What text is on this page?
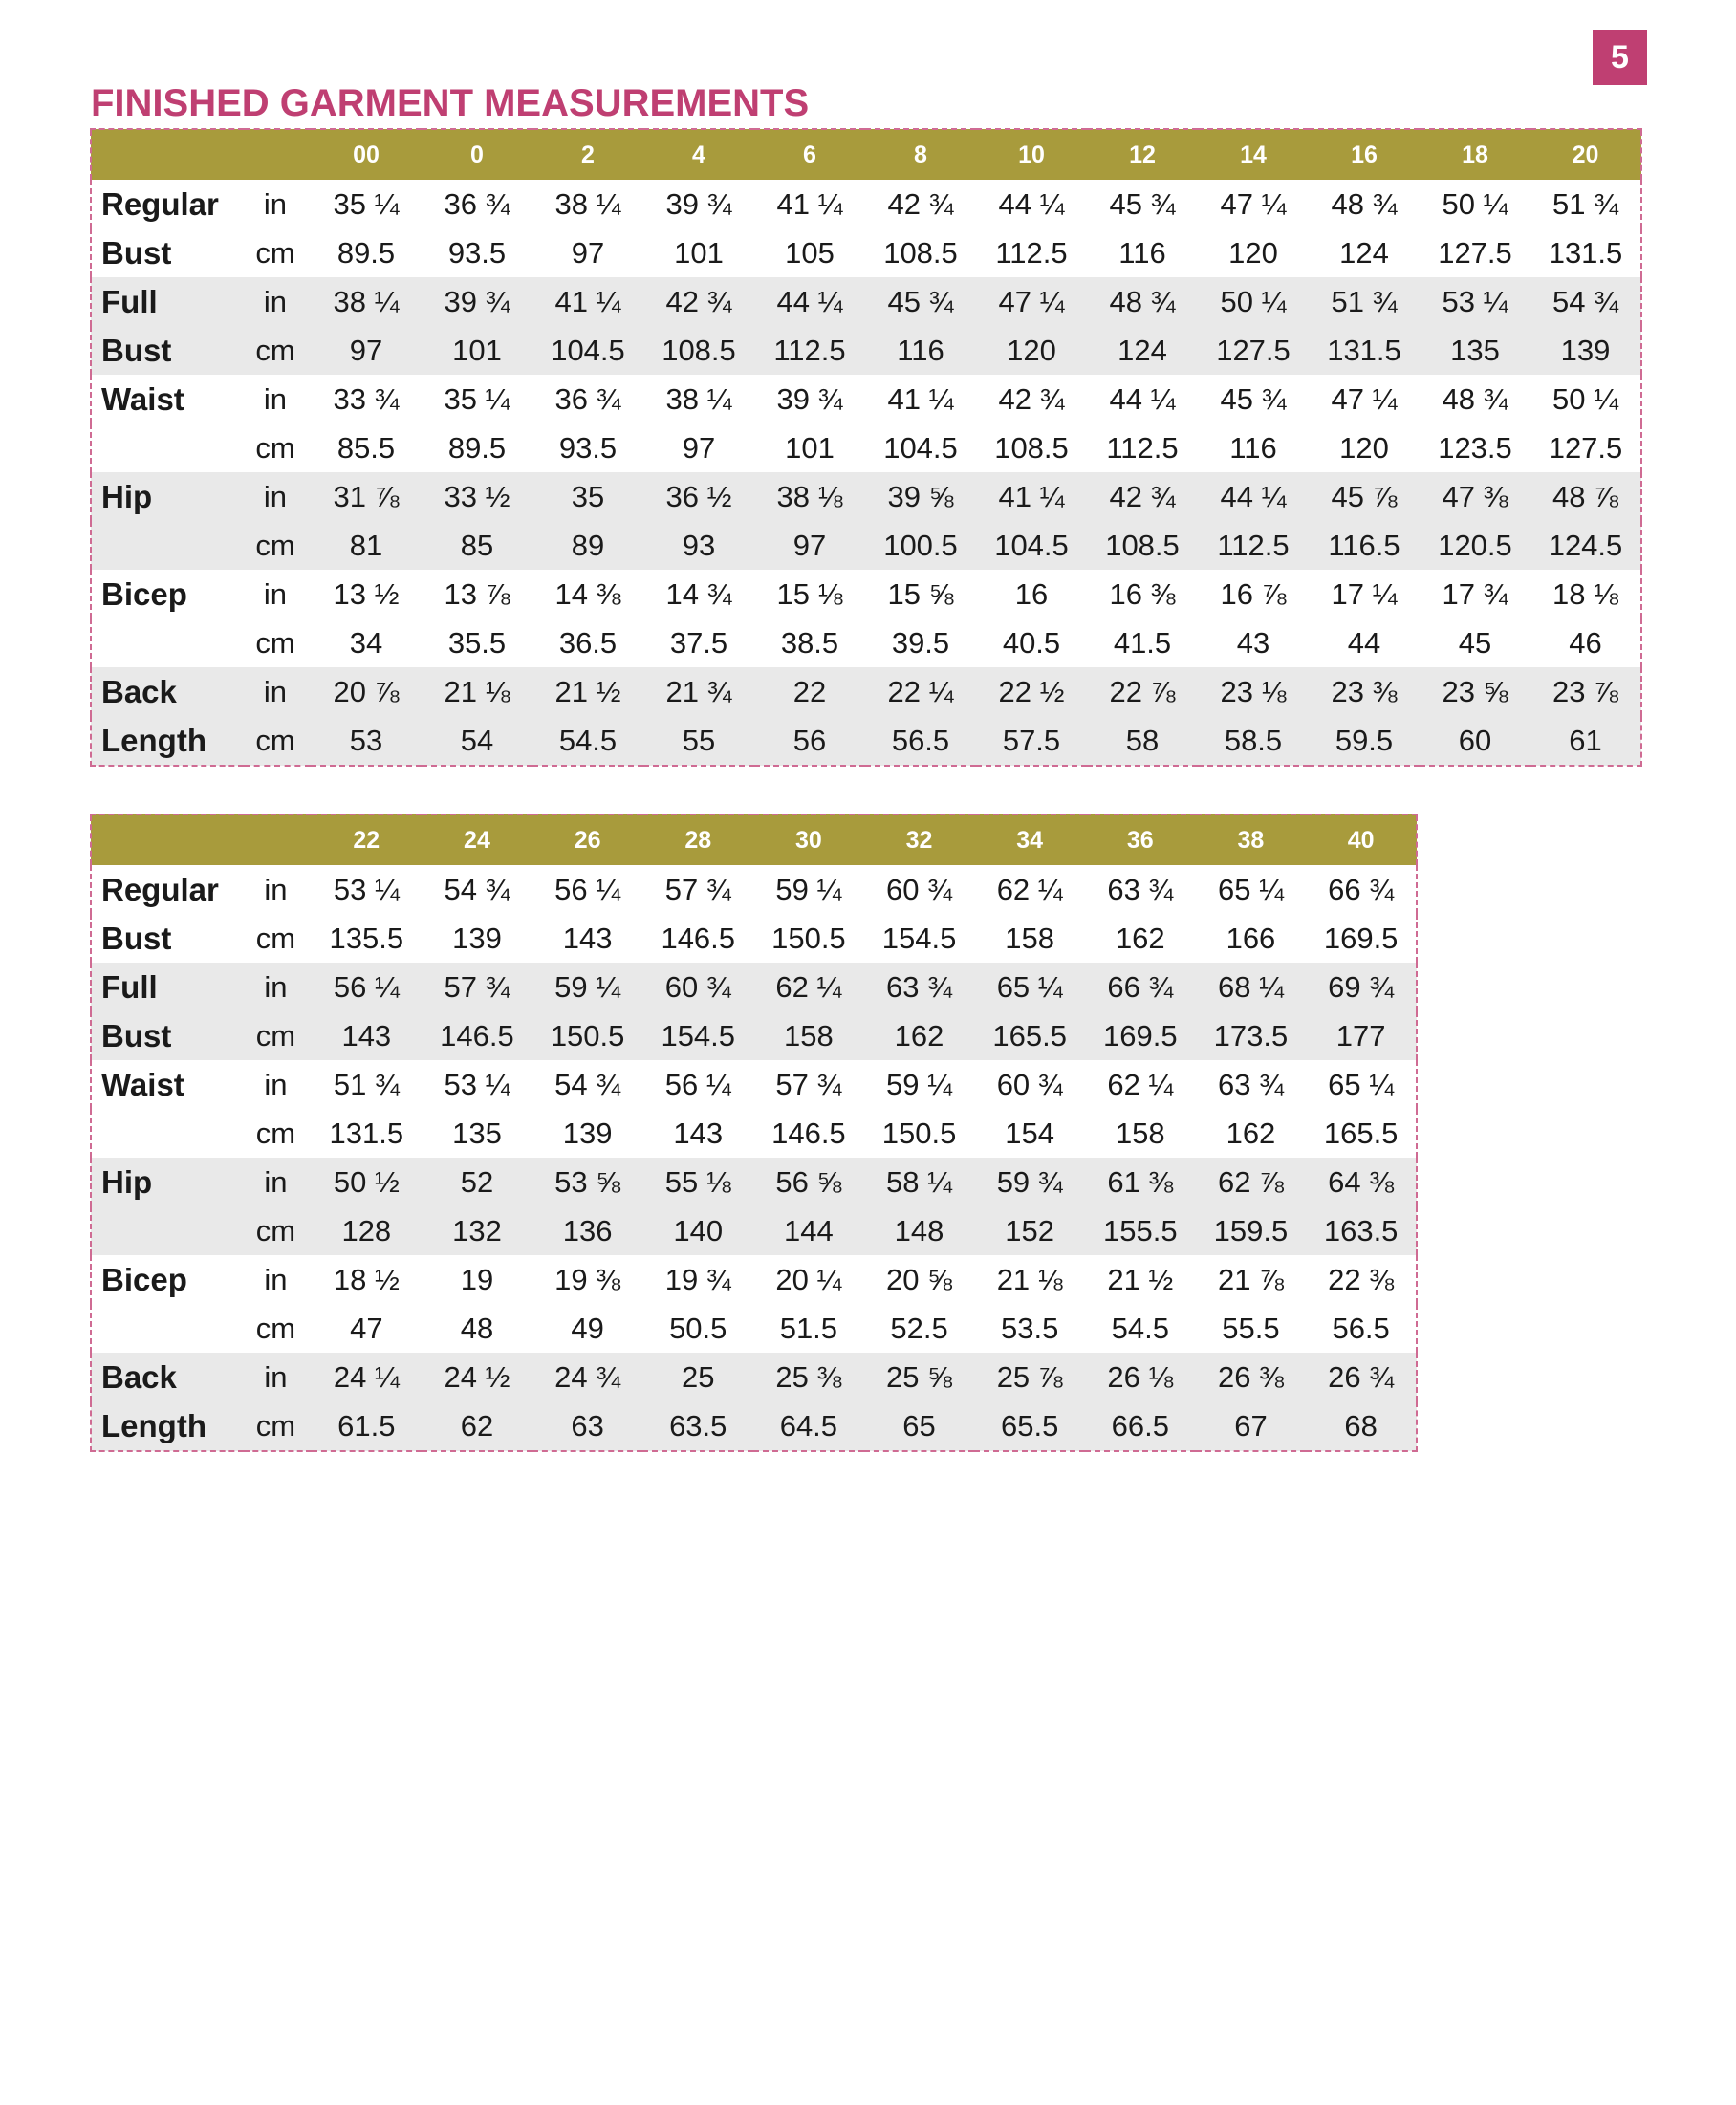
5
FINISHED GARMENT MEASUREMENTS
		00	0	2	4	6	8	10	12	14	16	18	20
Regular	in	35 ¼	36 ¾	38 ¼	39 ¾	41 ¼	42 ¾	44 ¼	45 ¾	47 ¼	48 ¾	50 ¼	51 ¾
Bust	cm	89.5	93.5	97	101	105	108.5	112.5	116	120	124	127.5	131.5
Full	in	38 ¼	39 ¾	41 ¼	42 ¾	44 ¼	45 ¾	47 ¼	48 ¾	50 ¼	51 ¾	53 ¼	54 ¾
Bust	cm	97	101	104.5	108.5	112.5	116	120	124	127.5	131.5	135	139
Waist	in	33 ¾	35 ¼	36 ¾	38 ¼	39 ¾	41 ¼	42 ¾	44 ¼	45 ¾	47 ¼	48 ¾	50 ¼
	cm	85.5	89.5	93.5	97	101	104.5	108.5	112.5	116	120	123.5	127.5
Hip	in	31 ⅞	33 ½	35	36 ½	38 ⅛	39 ⅝	41 ¼	42 ¾	44 ¼	45 ⅞	47 ⅜	48 ⅞
	cm	81	85	89	93	97	100.5	104.5	108.5	112.5	116.5	120.5	124.5
Bicep	in	13 ½	13 ⅞	14 ⅜	14 ¾	15 ⅛	15 ⅝	16	16 ⅜	16 ⅞	17 ¼	17 ¾	18 ⅛
	cm	34	35.5	36.5	37.5	38.5	39.5	40.5	41.5	43	44	45	46
Back	in	20 ⅞	21 ⅛	21 ½	21 ¾	22	22 ¼	22 ½	22 ⅞	23 ⅛	23 ⅜	23 ⅝	23 ⅞
Length	cm	53	54	54.5	55	56	56.5	57.5	58	58.5	59.5	60	61
		22	24	26	28	30	32	34	36	38	40
Regular	in	53 ¼	54 ¾	56 ¼	57 ¾	59 ¼	60 ¾	62 ¼	63 ¾	65 ¼	66 ¾
Bust	cm	135.5	139	143	146.5	150.5	154.5	158	162	166	169.5
Full	in	56 ¼	57 ¾	59 ¼	60 ¾	62 ¼	63 ¾	65 ¼	66 ¾	68 ¼	69 ¾
Bust	cm	143	146.5	150.5	154.5	158	162	165.5	169.5	173.5	177
Waist	in	51 ¾	53 ¼	54 ¾	56 ¼	57 ¾	59 ¼	60 ¾	62 ¼	63 ¾	65 ¼
	cm	131.5	135	139	143	146.5	150.5	154	158	162	165.5
Hip	in	50 ½	52	53 ⅝	55 ⅛	56 ⅝	58 ¼	59 ¾	61 ⅜	62 ⅞	64 ⅜
	cm	128	132	136	140	144	148	152	155.5	159.5	163.5
Bicep	in	18 ½	19	19 ⅜	19 ¾	20 ¼	20 ⅝	21 ⅛	21 ½	21 ⅞	22 ⅜
	cm	47	48	49	50.5	51.5	52.5	53.5	54.5	55.5	56.5
Back	in	24 ¼	24 ½	24 ¾	25	25 ⅜	25 ⅝	25 ⅞	26 ⅛	26 ⅜	26 ¾
Length	cm	61.5	62	63	63.5	64.5	65	65.5	66.5	67	68
